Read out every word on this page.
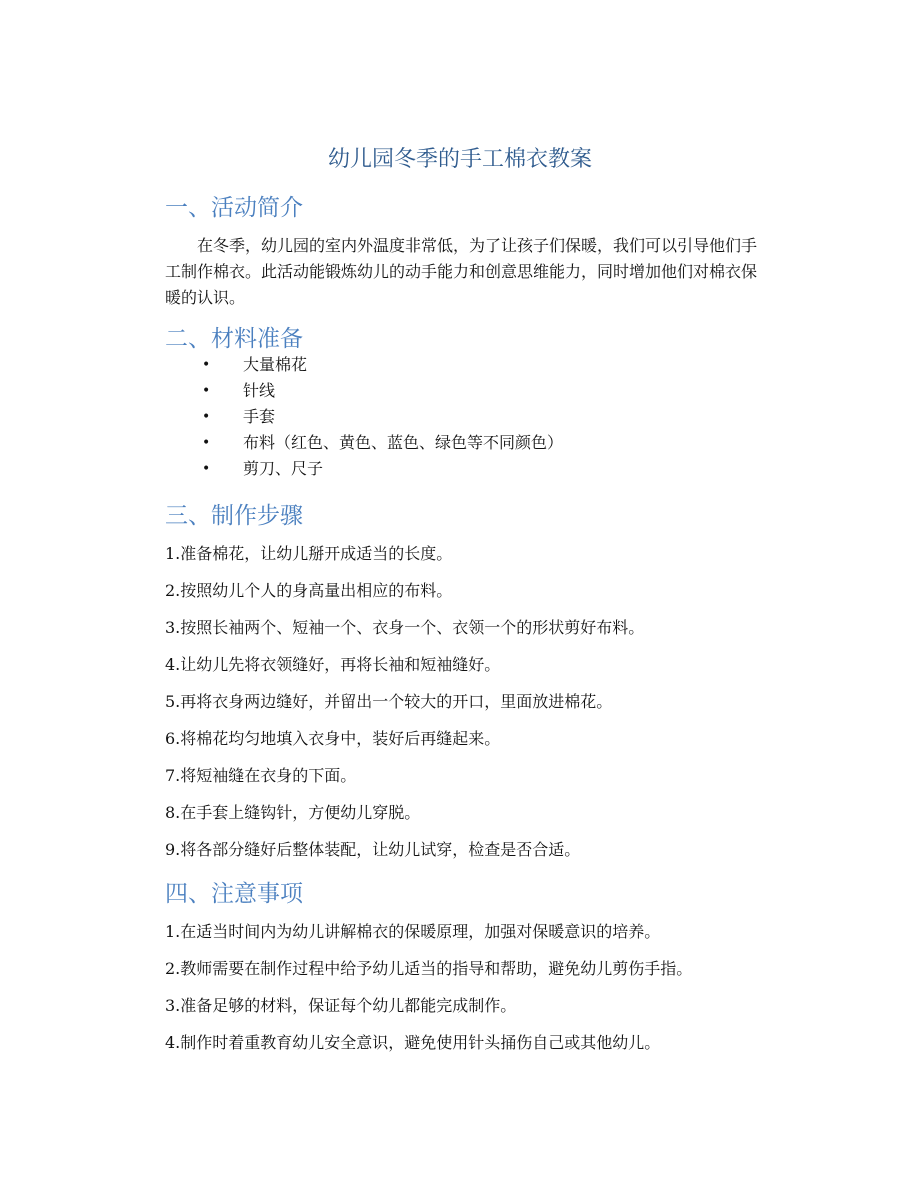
幼儿园冬季的手工棉衣教案
一、活动简介

在冬季，幼儿园的室内外温度非常低，为了让孩子们保暖，我们可以引导他们手工制作棉衣。此活动能锻炼幼儿的动手能力和创意思维能力，同时增加他们对棉衣保暖的认识。

二、材料准备
• 大量棉花
• 针线
• 手套
• 布料（红色、黄色、蓝色、绿色等不同颜色）
• 剪刀、尺子
三、制作步骤
1.准备棉花，让幼儿掰开成适当的长度。
2.按照幼儿个人的身高量出相应的布料。
3.按照长袖两个、短袖一个、衣身一个、衣领一个的形状剪好布料。
4.让幼儿先将衣领缝好，再将长袖和短袖缝好。
5.再将衣身两边缝好，并留出一个较大的开口，里面放进棉花。
6.将棉花均匀地填入衣身中，装好后再缝起来。
7.将短袖缝在衣身的下面。
8.在手套上缝钩针，方便幼儿穿脱。
9.将各部分缝好后整体装配，让幼儿试穿，检查是否合适。
四、注意事项
1.在适当时间内为幼儿讲解棉衣的保暖原理，加强对保暖意识的培养。
2.教师需要在制作过程中给予幼儿适当的指导和帮助，避免幼儿剪伤手指。
3.准备足够的材料，保证每个幼儿都能完成制作。
4.制作时着重教育幼儿安全意识，避免使用针头捅伤自己或其他幼儿。
